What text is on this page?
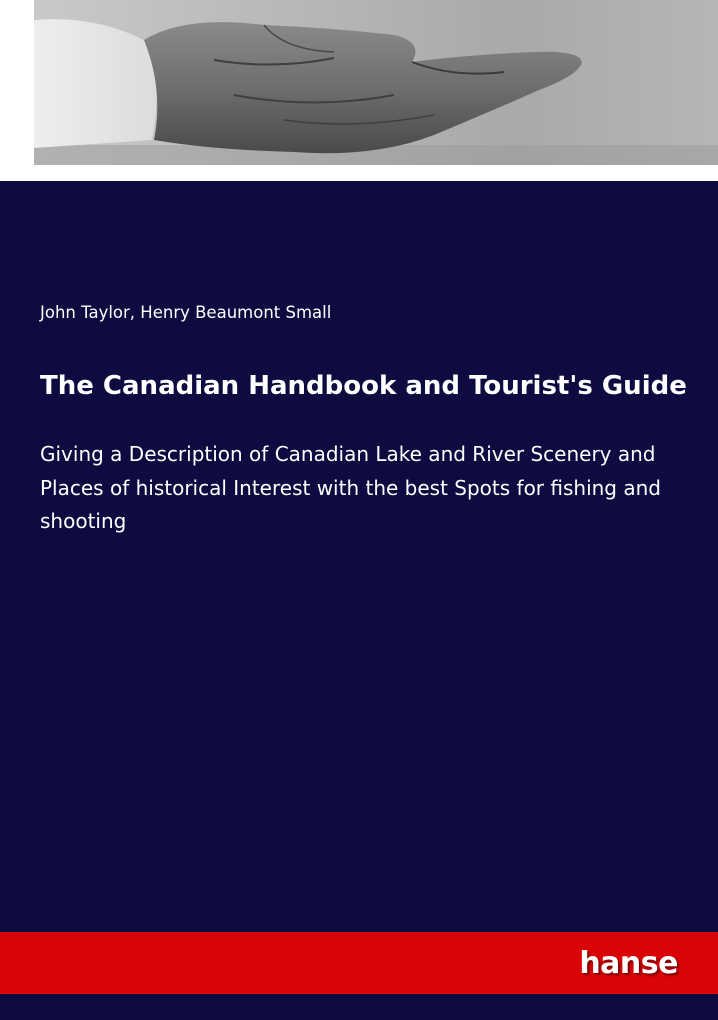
John Taylor, Henry Beaumont Small
The Canadian Handbook and Tourist's Guide

Giving a Description of Canadian Lake and River Scenery and Places of historical Interest with the best Spots for fishing and shooting

hanse
